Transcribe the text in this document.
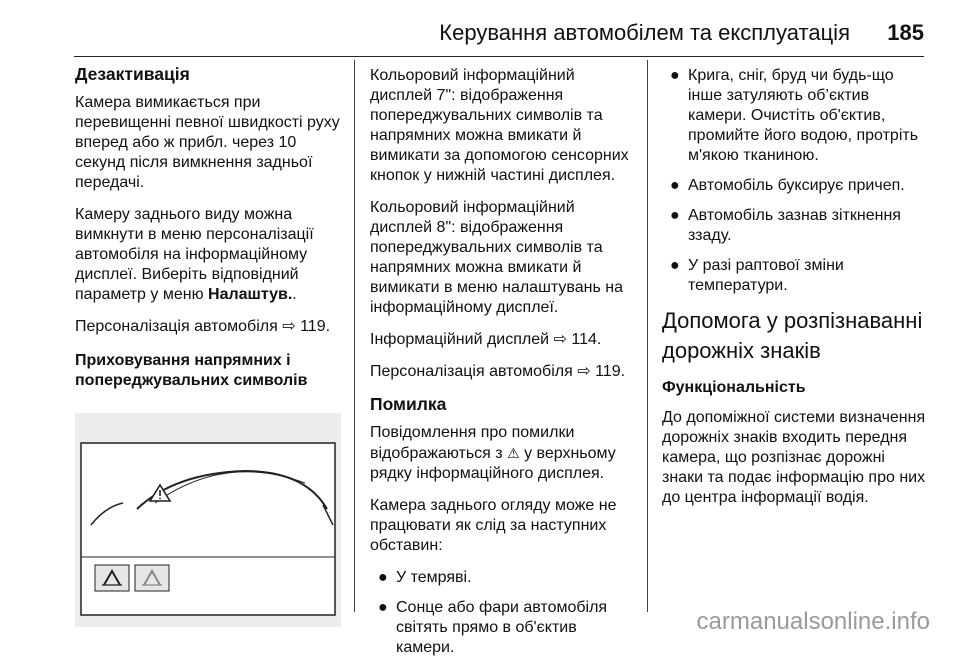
Керування автомобілем та експлуатація 185
Дезактивація

Камера вимикається при перевищенні певної швидкості руху вперед або ж прибл. через 10 секунд після вимкнення задньої передачі.

Камеру заднього виду можна вимкнути в меню персоналізації автомобіля на інформаційному дисплеї. Виберіть відповідний параметр у меню Налаштув..

Персоналізація автомобіля ⇨ 119.

Приховування напрямних і попереджувальних символів

Кольоровий інформаційний дисплей 7": відображення попереджувальних символів та напрямних можна вмикати й вимикати за допомогою сенсорних кнопок у нижній частині дисплея.

Кольоровий інформаційний дисплей 8": відображення попереджувальних символів та напрямних можна вмикати й вимикати в меню налаштувань на інформаційному дисплеї.

Інформаційний дисплей ⇨ 114.

Персоналізація автомобіля ⇨ 119.

Помилка

Повідомлення про помилки відображаються з ⚠ у верхньому рядку інформаційного дисплея.

Камера заднього огляду може не працювати як слід за наступних обставин:

● У темряві.
● Сонце або фари автомобіля світять прямо в об'єктив камери.
● Крига, сніг, бруд чи будь-що інше затуляють об’єктив камери. Очистіть об'єктив, промийте його водою, протріть м'якою тканиною.
● Автомобіль буксирує причеп.
● Автомобіль зазнав зіткнення ззаду.
● У разі раптової зміни температури.
Допомога у розпізнаванні дорожніх знаків
Функціональність

До допоміжної системи визначення дорожніх знаків входить передня камера, що розпізнає дорожні знаки та подає інформацію про них до центра інформації водія.

carmanualsonline.info
